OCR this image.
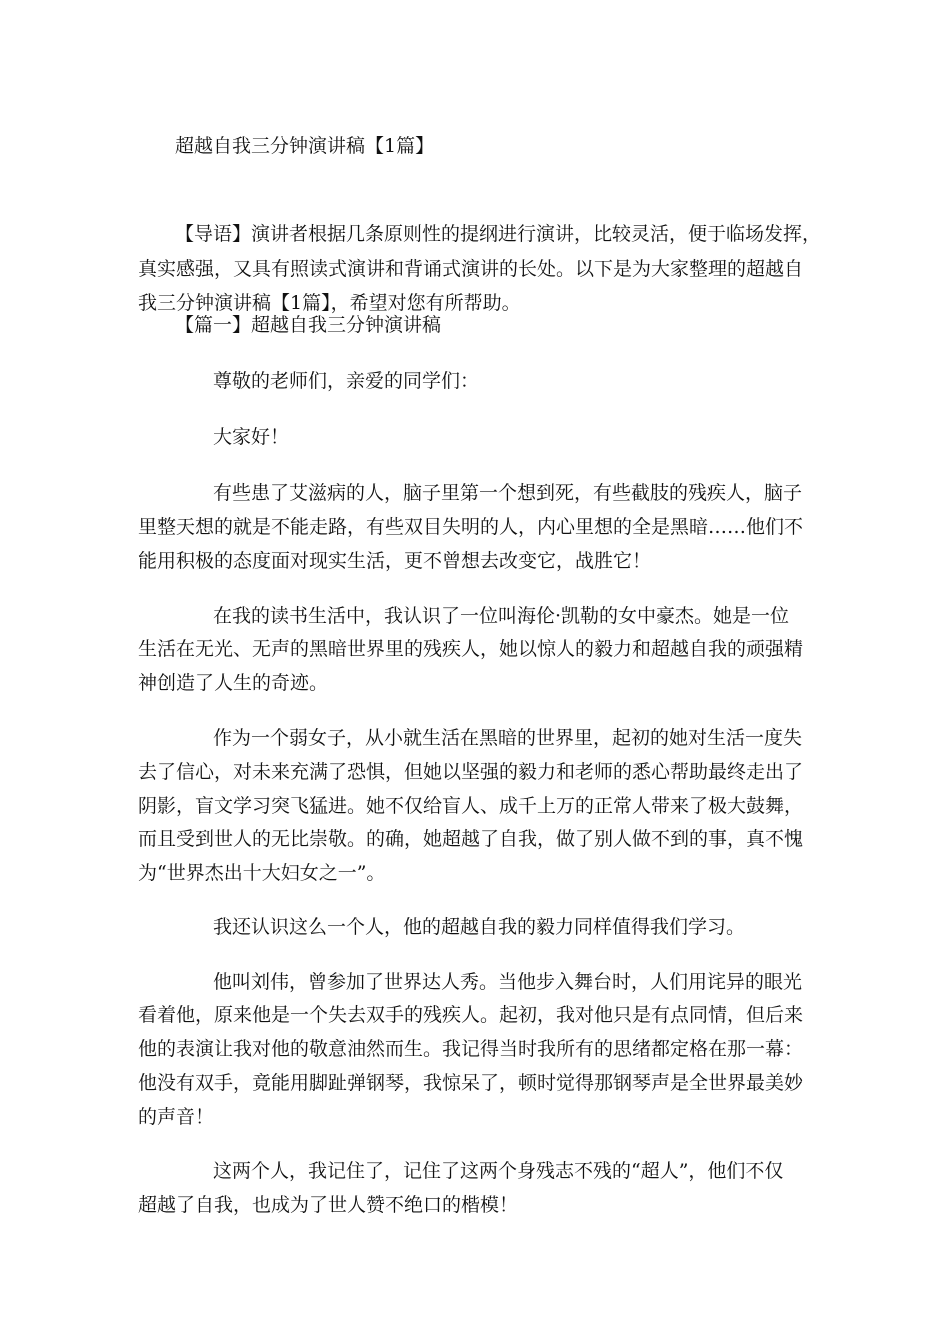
超越自我三分钟演讲稿【1篇】
【导语】演讲者根据几条原则性的提纲进行演讲，比较灵活，便于临场发挥，
真实感强，又具有照读式演讲和背诵式演讲的长处。以下是为大家整理的超越自
我三分钟演讲稿【1篇】，希望对您有所帮助。
【篇一】超越自我三分钟演讲稿
尊敬的老师们，亲爱的同学们：
大家好！
有些患了艾滋病的人，脑子里第一个想到死，有些截肢的残疾人，脑子
里整天想的就是不能走路，有些双目失明的人，内心里想的全是黑暗……他们不
能用积极的态度面对现实生活，更不曾想去改变它，战胜它！
在我的读书生活中，我认识了一位叫海伦·凯勒的女中豪杰。她是一位
生活在无光、无声的黑暗世界里的残疾人，她以惊人的毅力和超越自我的顽强精
神创造了人生的奇迹。
作为一个弱女子，从小就生活在黑暗的世界里，起初的她对生活一度失
去了信心，对未来充满了恐惧，但她以坚强的毅力和老师的悉心帮助最终走出了
阴影，盲文学习突飞猛进。她不仅给盲人、成千上万的正常人带来了极大鼓舞，
而且受到世人的无比崇敬。的确，她超越了自我，做了别人做不到的事，真不愧
为“世界杰出十大妇女之一”。
我还认识这么一个人，他的超越自我的毅力同样值得我们学习。
他叫刘伟，曾参加了世界达人秀。当他步入舞台时，人们用诧异的眼光
看着他，原来他是一个失去双手的残疾人。起初，我对他只是有点同情，但后来
他的表演让我对他的敬意油然而生。我记得当时我所有的思绪都定格在那一幕：
他没有双手，竟能用脚趾弹钢琴，我惊呆了，顿时觉得那钢琴声是全世界最美妙
的声音！
这两个人，我记住了，记住了这两个身残志不残的“超人”，他们不仅
超越了自我，也成为了世人赞不绝口的楷模！
